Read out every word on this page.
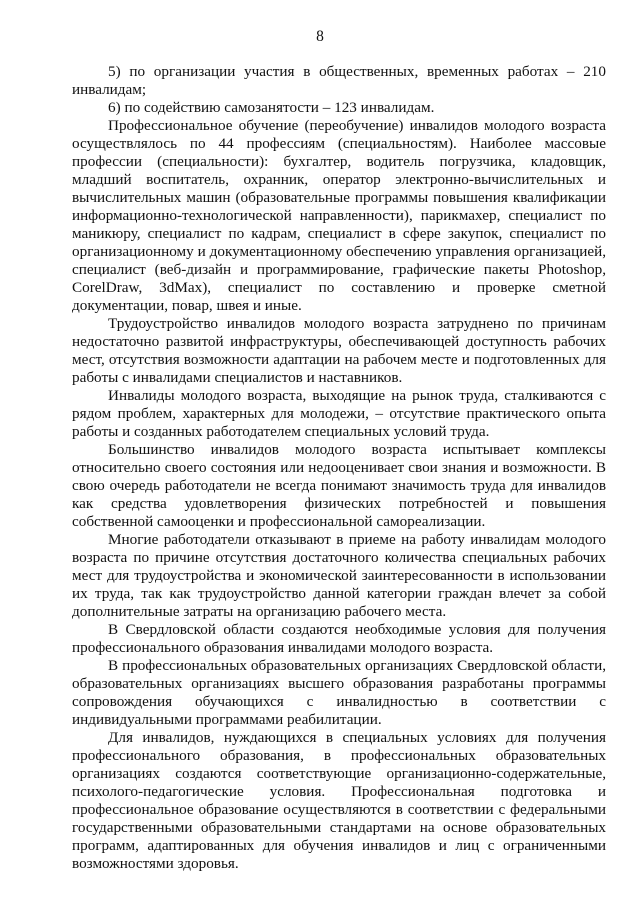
8

5) по организации участия в общественных, временных работах – 210 инвалидам;

6) по содействию самозанятости – 123 инвалидам.

Профессиональное обучение (переобучение) инвалидов молодого возраста осуществлялось по 44 профессиям (специальностям). Наиболее массовые профессии (специальности): бухгалтер, водитель погрузчика, кладовщик, младший воспитатель, охранник, оператор электронно-вычислительных и вычислительных машин (образовательные программы повышения квалификации информационно-технологической направленности), парикмахер, специалист по маникюру, специалист по кадрам, специалист в сфере закупок, специалист по организационному и документационному обеспечению управления организацией, специалист (веб-дизайн и программирование, графические пакеты Photoshop, CorelDraw, 3dMax), специалист по составлению и проверке сметной документации, повар, швея и иные.

Трудоустройство инвалидов молодого возраста затруднено по причинам недостаточно развитой инфраструктуры, обеспечивающей доступность рабочих мест, отсутствия возможности адаптации на рабочем месте и подготовленных для работы с инвалидами специалистов и наставников.

Инвалиды молодого возраста, выходящие на рынок труда, сталкиваются с рядом проблем, характерных для молодежи, – отсутствие практического опыта работы и созданных работодателем специальных условий труда.

Большинство инвалидов молодого возраста испытывает комплексы относительно своего состояния или недооценивает свои знания и возможности. В свою очередь работодатели не всегда понимают значимость труда для инвалидов как средства удовлетворения физических потребностей и повышения собственной самооценки и профессиональной самореализации.

Многие работодатели отказывают в приеме на работу инвалидам молодого возраста по причине отсутствия достаточного количества специальных рабочих мест для трудоустройства и экономической заинтересованности в использовании их труда, так как трудоустройство данной категории граждан влечет за собой дополнительные затраты на организацию рабочего места.

В Свердловской области создаются необходимые условия для получения профессионального образования инвалидами молодого возраста.

В профессиональных образовательных организациях Свердловской области, образовательных организациях высшего образования разработаны программы сопровождения обучающихся с инвалидностью в соответствии с индивидуальными программами реабилитации.

Для инвалидов, нуждающихся в специальных условиях для получения профессионального образования, в профессиональных образовательных организациях создаются соответствующие организационно-содержательные, психолого-педагогические условия. Профессиональная подготовка и профессиональное образование осуществляются в соответствии с федеральными государственными образовательными стандартами на основе образовательных программ, адаптированных для обучения инвалидов и лиц с ограниченными возможностями здоровья.
